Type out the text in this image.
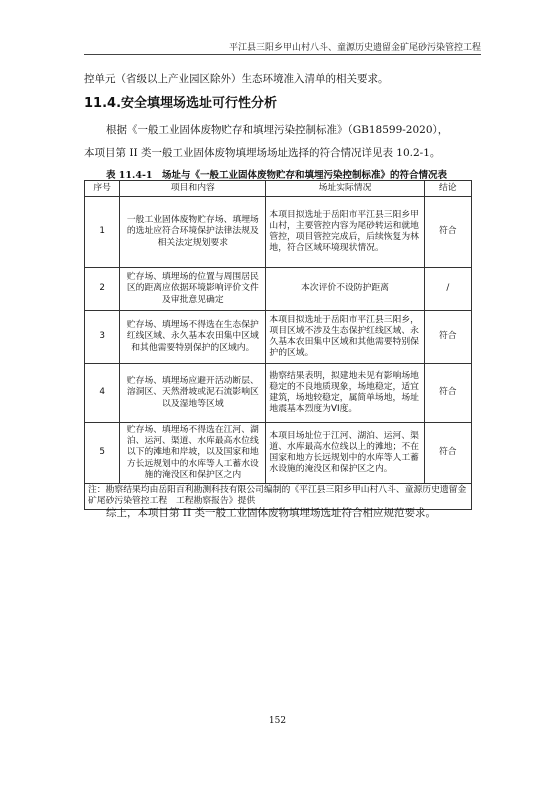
平江县三阳乡甲山村八斗、童源历史遗留金矿尾砂污染管控工程
控单元（省级以上产业园区除外）生态环境准入清单的相关要求。
11.4.安全填埋场选址可行性分析
根据《一般工业固体废物贮存和填埋污染控制标准》（GB18599-2020），
本项目第 II 类一般工业固体废物填埋场场址选择的符合情况详见表 10.2-1。
表 11.4-1　场址与《一般工业固体废物贮存和填埋污染控制标准》的符合情况表
序号	项目和内容	场址实际情况	结论
1	一般工业固体废物贮存场、填埋场的选址应符合环境保护法律法规及相关法定规划要求	本项目拟选址于岳阳市平江县三阳乡甲山村，主要管控内容为尾砂转运和就地管控，项目管控完成后，后续恢复为林地，符合区域环境现状情况。	符合
2	贮存场、填埋场的位置与周围居民区的距离应依据环境影响评价文件及审批意见确定	本次评价不设防护距离	/
3	贮存场、填埋场不得选在生态保护红线区域、永久基本农田集中区域和其他需要特别保护的区域内。	本项目拟选址于岳阳市平江县三阳乡，项目区域不涉及生态保护红线区域、永久基本农田集中区域和其他需要特别保护的区域。	符合
4	贮存场、填埋场应避开活动断层、溶洞区、天然滑坡或泥石流影响区以及湿地等区域	勘察结果表明，拟建地未见有影响场地稳定的不良地质现象，场地稳定，适宜建筑，场地较稳定，属简单场地，场址地震基本烈度为VI度。	符合
5	贮存场、填埋场不得选在江河、湖泊、运河、渠道、水库最高水位线以下的滩地和岸坡，以及国家和地方长远规划中的水库等人工蓄水设施的淹没区和保护区之内	本项目场址位于江河、湖泊、运河、渠道、水库最高水位线以上的滩地；不在国家和地方长远规划中的水库等人工蓄水设施的淹没区和保护区之内。	符合
注：勘察结果均由岳阳百利勘测科技有限公司编制的《平江县三阳乡甲山村八斗、童源历史遗留金矿尾砂污染管控工程　工程勘察报告》提供			
综上，本项目第 II 类一般工业固体废物填埋场选址符合相应规范要求。
152
